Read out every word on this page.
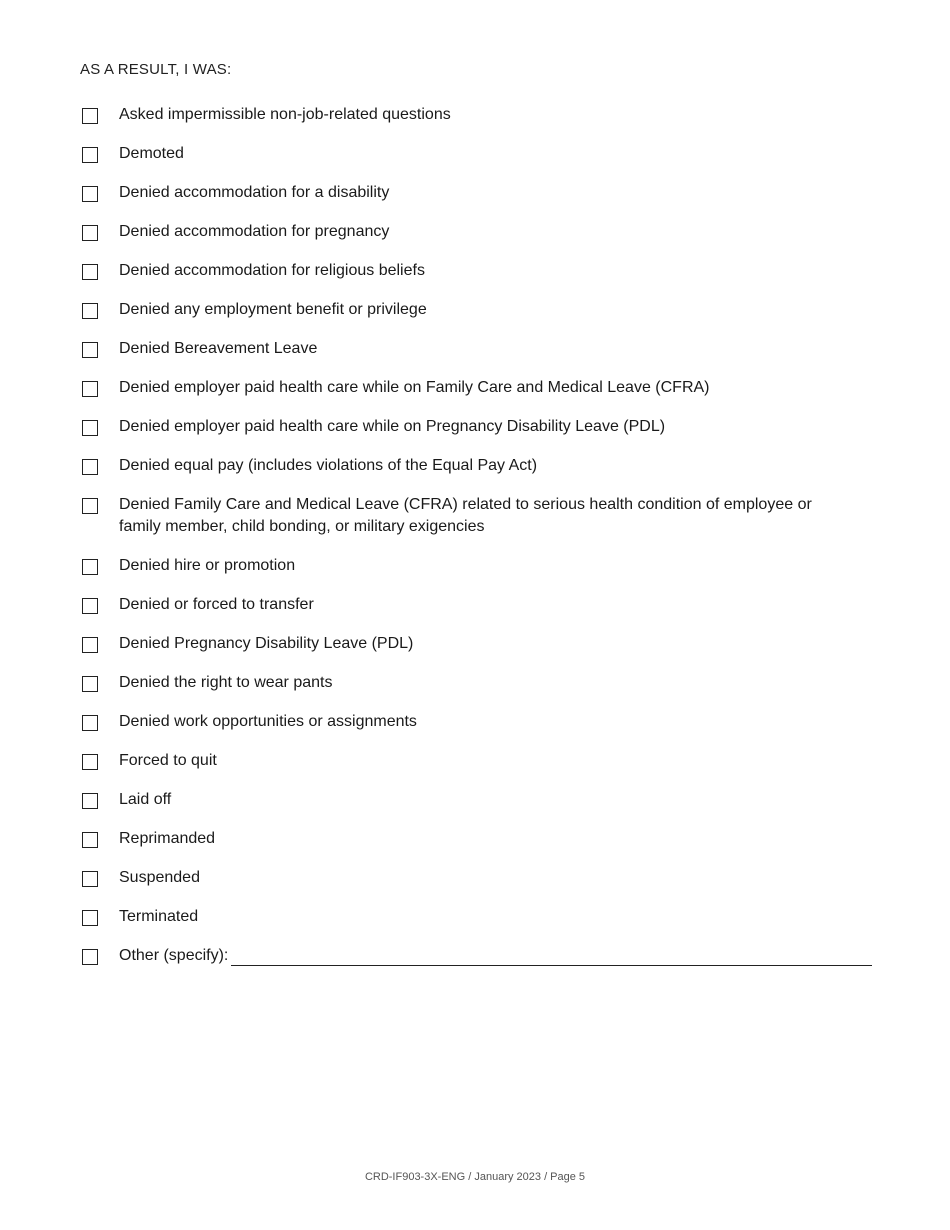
AS A RESULT, I WAS:
Asked impermissible non-job-related questions
Demoted
Denied accommodation for a disability
Denied accommodation for pregnancy
Denied accommodation for religious beliefs
Denied any employment benefit or privilege
Denied Bereavement Leave
Denied employer paid health care while on Family Care and Medical Leave (CFRA)
Denied employer paid health care while on Pregnancy Disability Leave (PDL)
Denied equal pay (includes violations of the Equal Pay Act)
Denied Family Care and Medical Leave (CFRA) related to serious health condition of employee or family member, child bonding, or military exigencies
Denied hire or promotion
Denied or forced to transfer
Denied Pregnancy Disability Leave (PDL)
Denied the right to wear pants
Denied work opportunities or assignments
Forced to quit
Laid off
Reprimanded
Suspended
Terminated
Other (specify):
CRD-IF903-3X-ENG / January 2023 / Page 5
